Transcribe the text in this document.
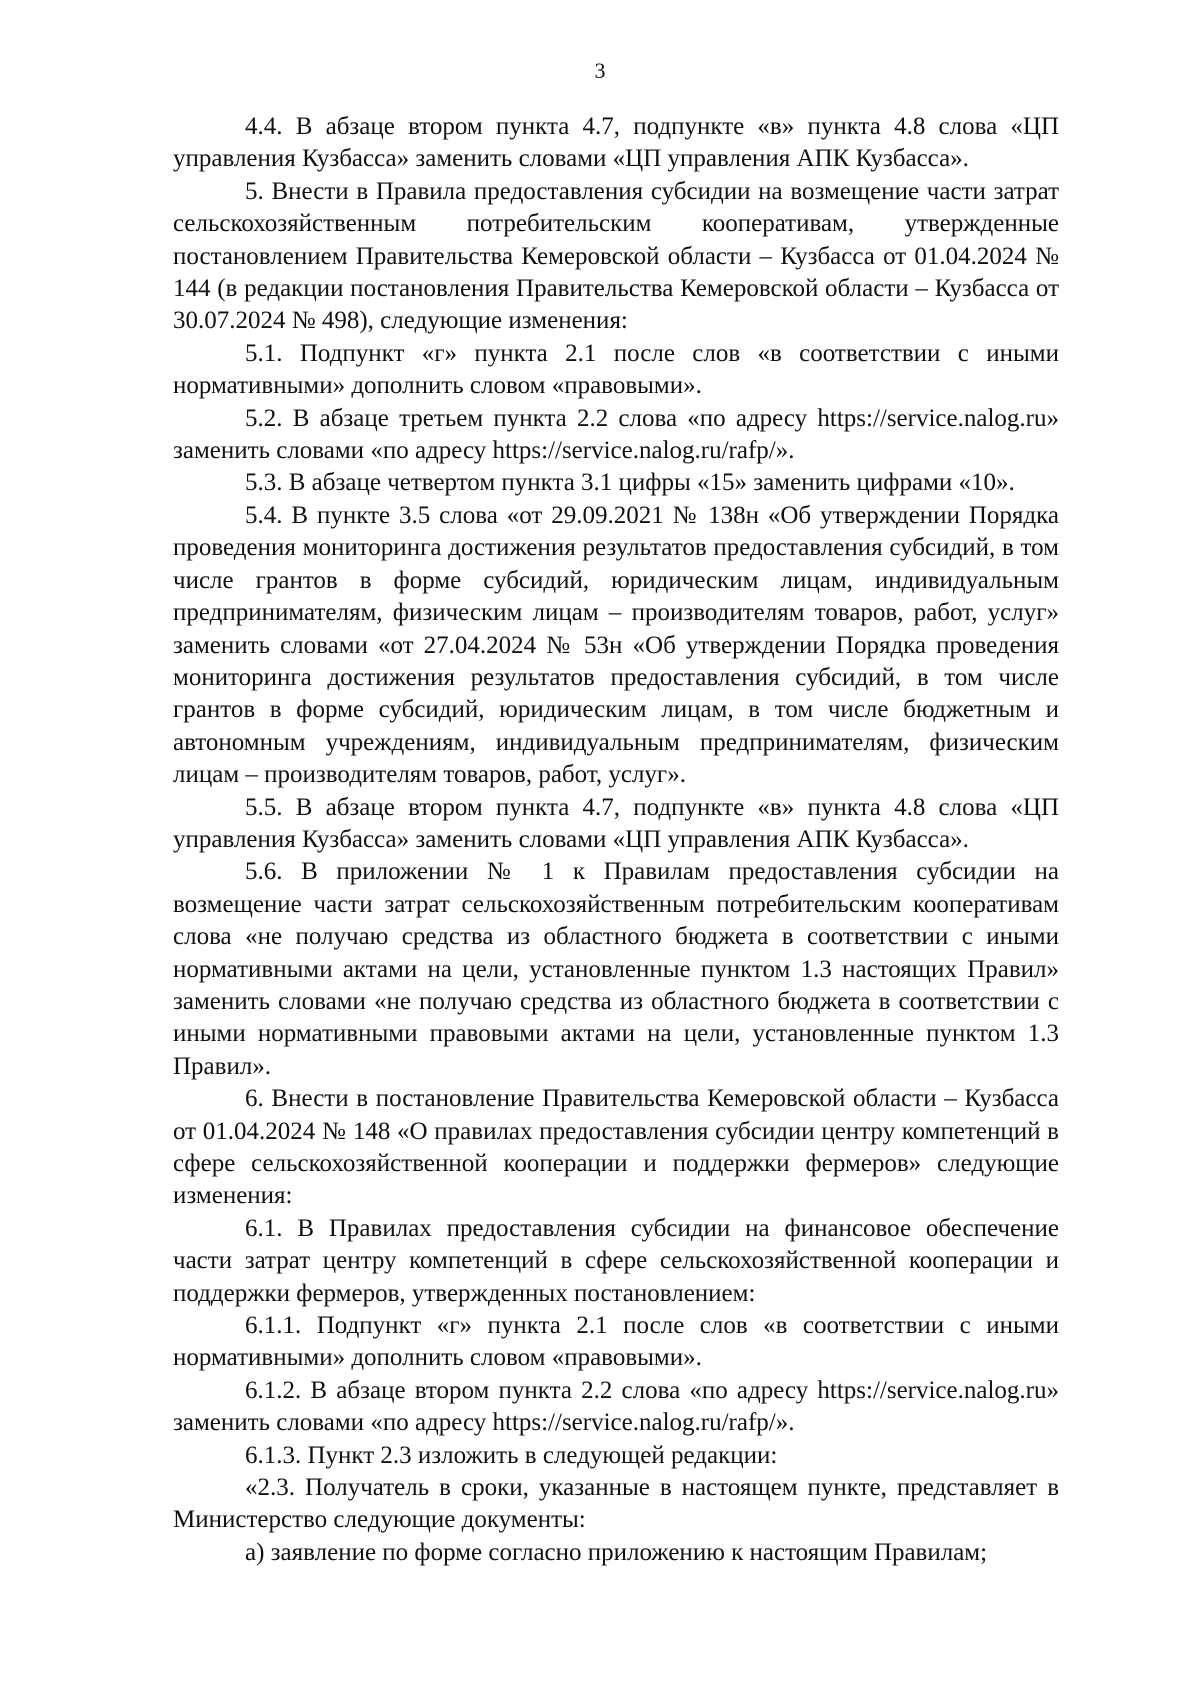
3

4.4. В абзаце втором пункта 4.7, подпункте «в» пункта 4.8 слова «ЦП управления Кузбасса» заменить словами «ЦП управления АПК Кузбасса».

5. Внести в Правила предоставления субсидии на возмещение части затрат сельскохозяйственным потребительским кооперативам, утвержденные постановлением Правительства Кемеровской области – Кузбасса от 01.04.2024 № 144 (в редакции постановления Правительства Кемеровской области – Кузбасса от 30.07.2024 № 498), следующие изменения:

5.1. Подпункт «г» пункта 2.1 после слов «в соответствии с иными нормативными» дополнить словом «правовыми».

5.2. В абзаце третьем пункта 2.2 слова «по адресу https://service.nalog.ru» заменить словами «по адресу https://service.nalog.ru/rafp/».

5.3. В абзаце четвертом пункта 3.1 цифры «15» заменить цифрами «10».

5.4. В пункте 3.5 слова «от 29.09.2021 № 138н «Об утверждении Порядка проведения мониторинга достижения результатов предоставления субсидий, в том числе грантов в форме субсидий, юридическим лицам, индивидуальным предпринимателям, физическим лицам – производителям товаров, работ, услуг» заменить словами «от 27.04.2024 № 53н «Об утверждении Порядка проведения мониторинга достижения результатов предоставления субсидий, в том числе грантов в форме субсидий, юридическим лицам, в том числе бюджетным и автономным учреждениям, индивидуальным предпринимателям, физическим лицам – производителям товаров, работ, услуг».

5.5. В абзаце втором пункта 4.7, подпункте «в» пункта 4.8 слова «ЦП управления Кузбасса» заменить словами «ЦП управления АПК Кузбасса».

5.6. В приложении № 1 к Правилам предоставления субсидии на возмещение части затрат сельскохозяйственным потребительским кооперативам слова «не получаю средства из областного бюджета в соответствии с иными нормативными актами на цели, установленные пунктом 1.3 настоящих Правил» заменить словами «не получаю средства из областного бюджета в соответствии с иными нормативными правовыми актами на цели, установленные пунктом 1.3 Правил».

6. Внести в постановление Правительства Кемеровской области – Кузбасса от 01.04.2024 № 148 «О правилах предоставления субсидии центру компетенций в сфере сельскохозяйственной кооперации и поддержки фермеров» следующие изменения:

6.1. В Правилах предоставления субсидии на финансовое обеспечение части затрат центру компетенций в сфере сельскохозяйственной кооперации и поддержки фермеров, утвержденных постановлением:

6.1.1. Подпункт «г» пункта 2.1 после слов «в соответствии с иными нормативными» дополнить словом «правовыми».

6.1.2. В абзаце втором пункта 2.2 слова «по адресу https://service.nalog.ru» заменить словами «по адресу https://service.nalog.ru/rafp/».

6.1.3. Пункт 2.3 изложить в следующей редакции:

«2.3. Получатель в сроки, указанные в настоящем пункте, представляет в Министерство следующие документы:

а) заявление по форме согласно приложению к настоящим Правилам;
